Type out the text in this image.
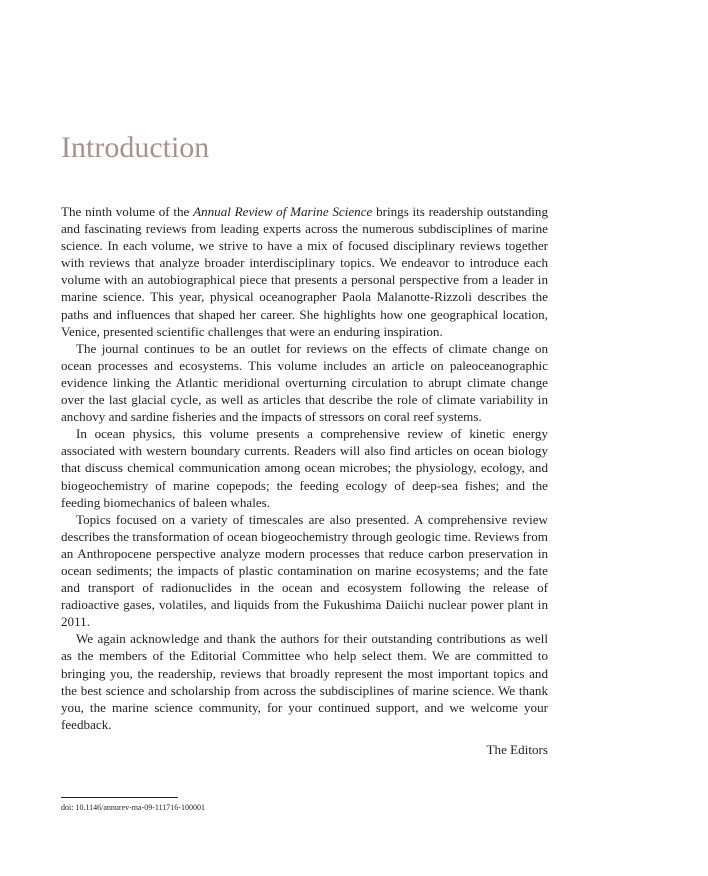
Introduction

The ninth volume of the Annual Review of Marine Science brings its readership outstanding and fascinating reviews from leading experts across the numerous subdisciplines of marine science. In each volume, we strive to have a mix of focused disciplinary reviews together with reviews that analyze broader interdisciplinary topics. We endeavor to introduce each volume with an autobiographical piece that presents a personal perspective from a leader in marine science. This year, physical oceanographer Paola Malanotte-Rizzoli describes the paths and influences that shaped her career. She highlights how one geographical location, Venice, presented scientific challenges that were an enduring inspiration.

The journal continues to be an outlet for reviews on the effects of climate change on ocean processes and ecosystems. This volume includes an article on paleoceanographic evidence linking the Atlantic meridional overturning circulation to abrupt climate change over the last glacial cycle, as well as articles that describe the role of climate variability in anchovy and sardine fisheries and the impacts of stressors on coral reef systems.

In ocean physics, this volume presents a comprehensive review of kinetic energy associated with western boundary currents. Readers will also find articles on ocean biology that discuss chemical communication among ocean microbes; the physiology, ecology, and biogeochemistry of marine copepods; the feeding ecology of deep-sea fishes; and the feeding biomechanics of baleen whales.

Topics focused on a variety of timescales are also presented. A comprehensive review describes the transformation of ocean biogeochemistry through geologic time. Reviews from an Anthropocene perspective analyze modern processes that reduce carbon preservation in ocean sediments; the impacts of plastic contamination on marine ecosystems; and the fate and transport of radionuclides in the ocean and ecosystem following the release of radioactive gases, volatiles, and liquids from the Fukushima Daiichi nuclear power plant in 2011.

We again acknowledge and thank the authors for their outstanding contributions as well as the members of the Editorial Committee who help select them. We are committed to bringing you, the readership, reviews that broadly represent the most important topics and the best science and scholarship from across the subdisciplines of marine science. We thank you, the marine science community, for your continued support, and we welcome your feedback.

The Editors
doi: 10.1146/annurev-ma-09-111716-100001
